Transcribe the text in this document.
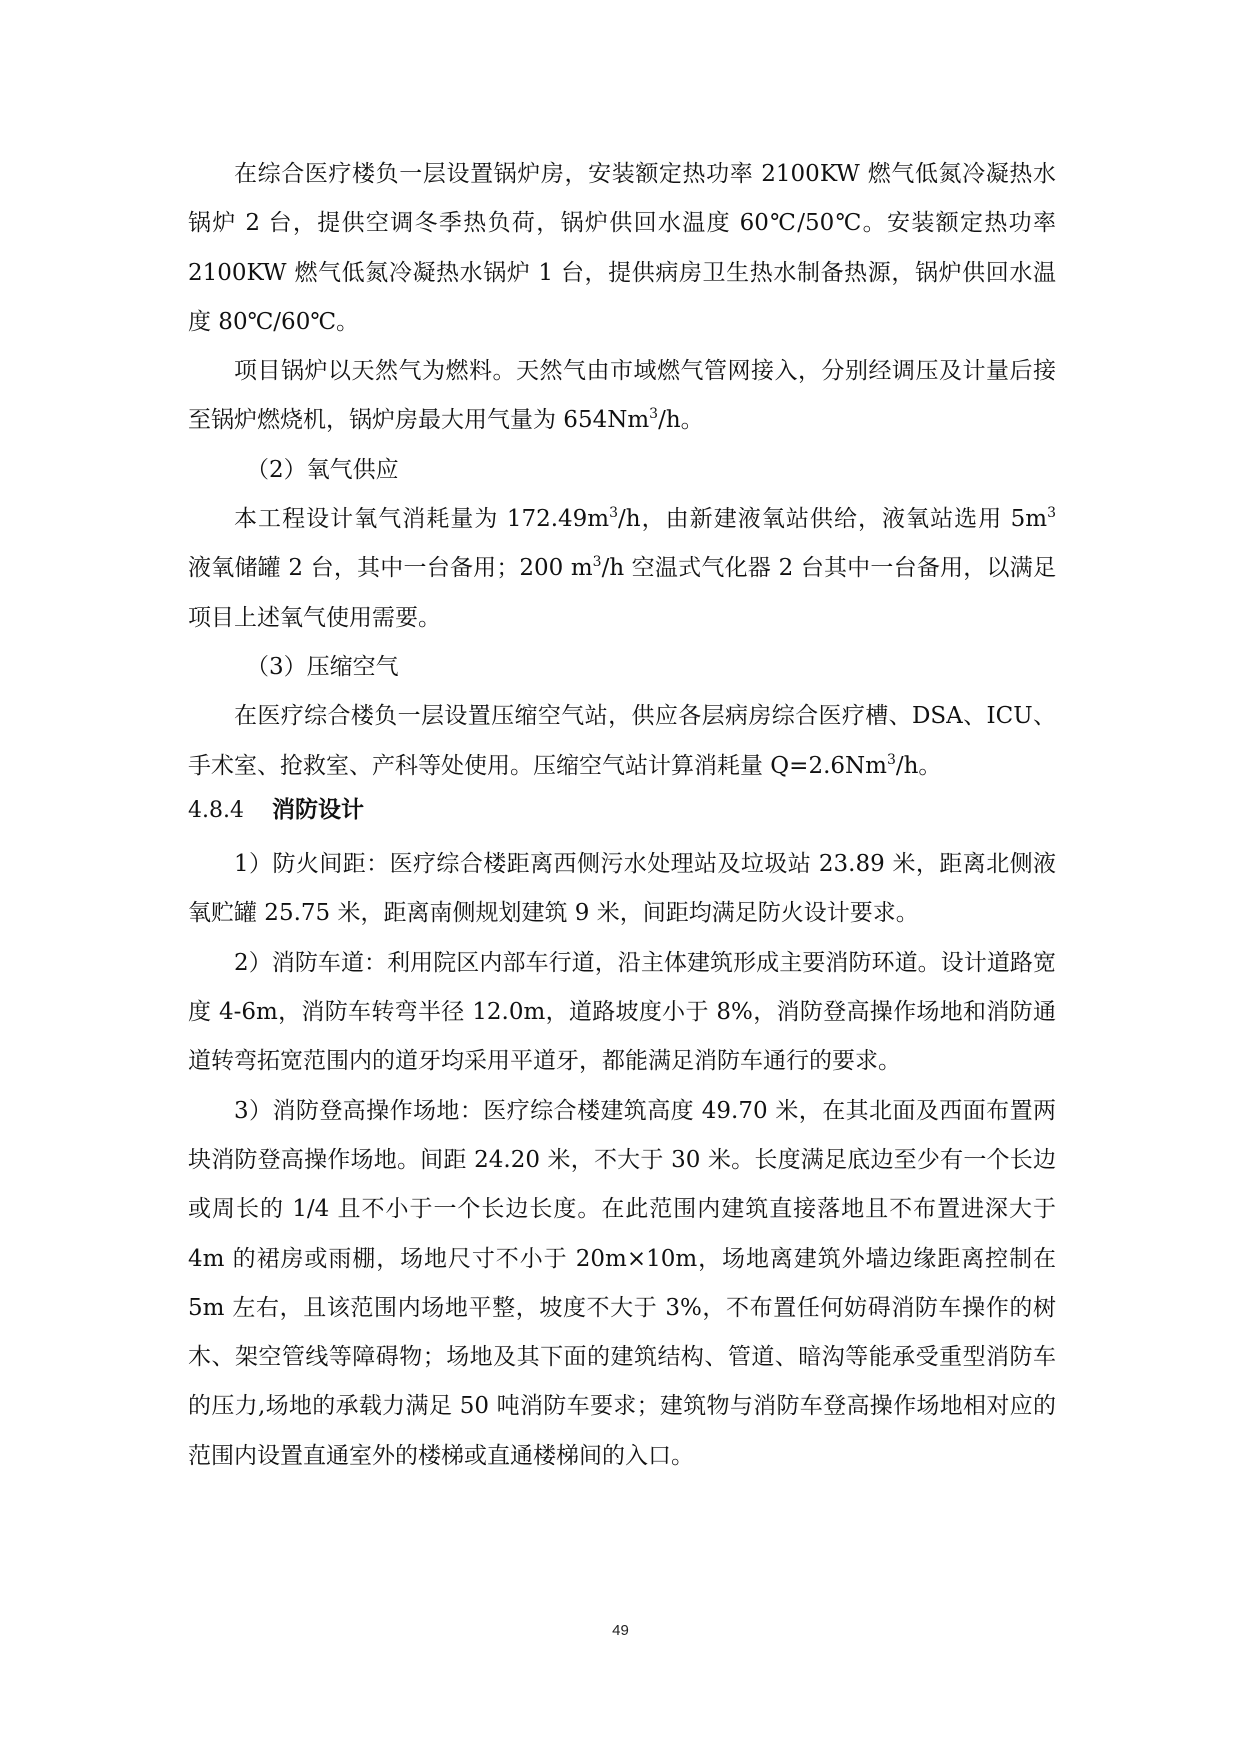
在综合医疗楼负一层设置锅炉房，安装额定热功率 2100KW 燃气低氮冷凝热水锅炉 2 台，提供空调冬季热负荷，锅炉供回水温度 60℃/50℃。安装额定热功率 2100KW 燃气低氮冷凝热水锅炉 1 台，提供病房卫生热水制备热源，锅炉供回水温度 80℃/60℃。

项目锅炉以天然气为燃料。天然气由市域燃气管网接入，分别经调压及计量后接至锅炉燃烧机，锅炉房最大用气量为 654Nm$^3$/h。

（2）氧气供应

本工程设计氧气消耗量为 $172.49m^3/h$，由新建液氧站供给，液氧站选用 $5m^3$ 液氧储罐 2 台，其中一台备用；200 $m^3/h$ 空温式气化器 2 台其中一台备用，以满足项目上述氧气使用需要。

（3）压缩空气

在医疗综合楼负一层设置压缩空气站，供应各层病房综合医疗槽、DSA、ICU、手术室、抢救室、产科等处使用。压缩空气站计算消耗量 $Q=2.6Nm^3/h$。

4.8.4	消防设计

1）防火间距：医疗综合楼距离西侧污水处理站及垃圾站 23.89 米，距离北侧液氧贮罐 25.75 米，距离南侧规划建筑 9 米，间距均满足防火设计要求。

2）消防车道：利用院区内部车行道，沿主体建筑形成主要消防环道。设计道路宽度 4-6m，消防车转弯半径 12.0m，道路坡度小于 8%，消防登高操作场地和消防通道转弯拓宽范围内的道牙均采用平道牙，都能满足消防车通行的要求。

3）消防登高操作场地：医疗综合楼建筑高度 49.70 米，在其北面及西面布置两块消防登高操作场地。间距 24.20 米，不大于 30 米。长度满足底边至少有一个长边或周长的 1/4 且不小于一个长边长度。在此范围内建筑直接落地且不布置进深大于 4m 的裙房或雨棚，场地尺寸不小于 20m×10m，场地离建筑外墙边缘距离控制在 5m 左右，且该范围内场地平整，坡度不大于 3%，不布置任何妨碍消防车操作的树木、架空管线等障碍物；场地及其下面的建筑结构、管道、暗沟等能承受重型消防车的压力,场地的承载力满足 50 吨消防车要求；建筑物与消防车登高操作场地相对应的范围内设置直通室外的楼梯或直通楼梯间的入口。

49
